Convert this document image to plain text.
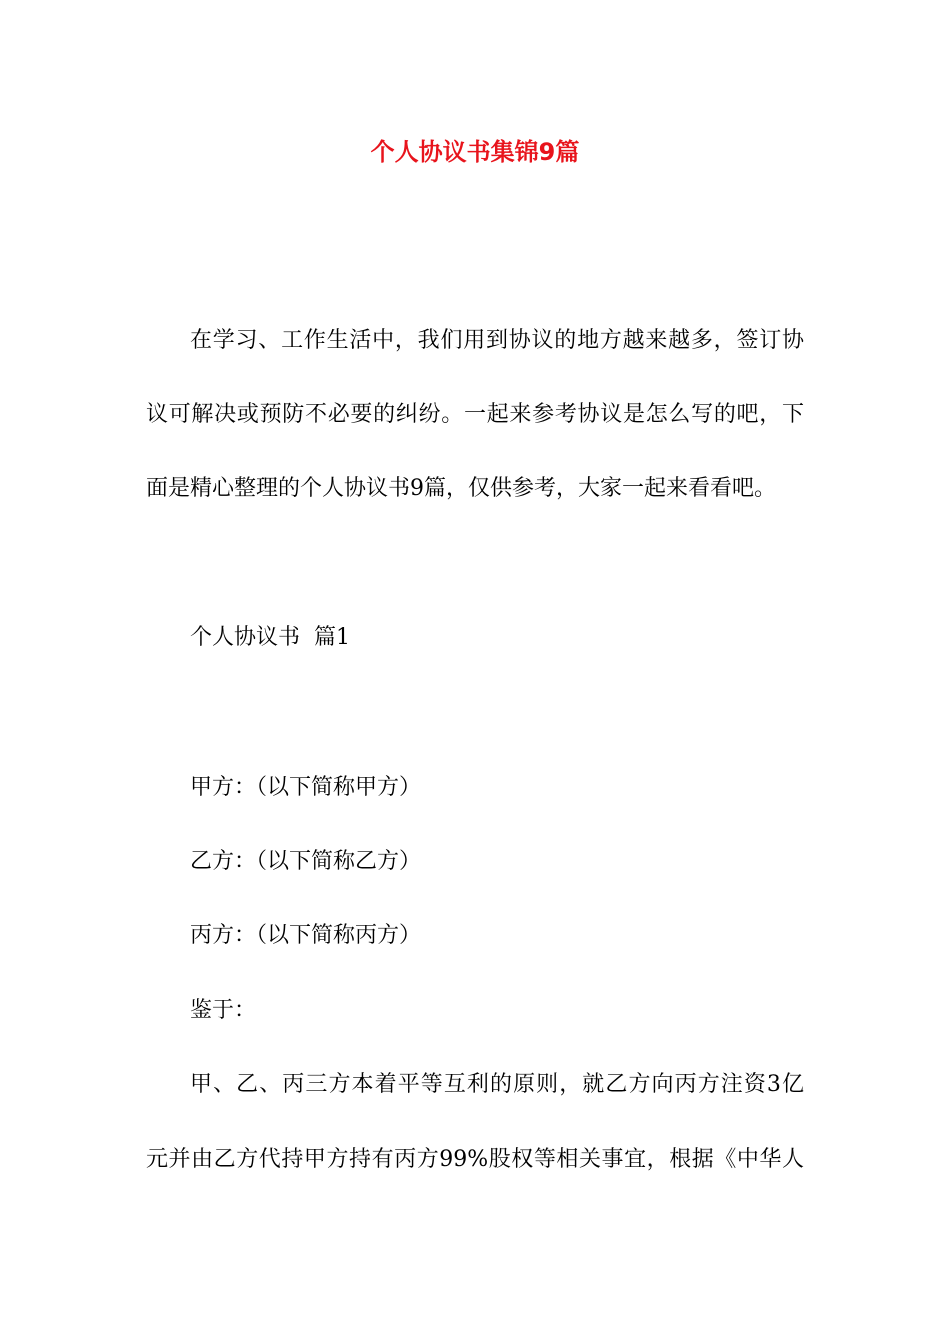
个人协议书集锦9篇

在学习、工作生活中，我们用到协议的地方越来越多，签订协

议可解决或预防不必要的纠纷。一起来参考协议是怎么写的吧，下

面是精心整理的个人协议书9篇，仅供参考，大家一起来看看吧。

个人协议书  篇1

甲方：（以下简称甲方）

乙方：（以下简称乙方）

丙方：（以下简称丙方）

鉴于：

甲、乙、丙三方本着平等互利的原则，就乙方向丙方注资3亿

元并由乙方代持甲方持有丙方99%股权等相关事宜，根据《中华人
